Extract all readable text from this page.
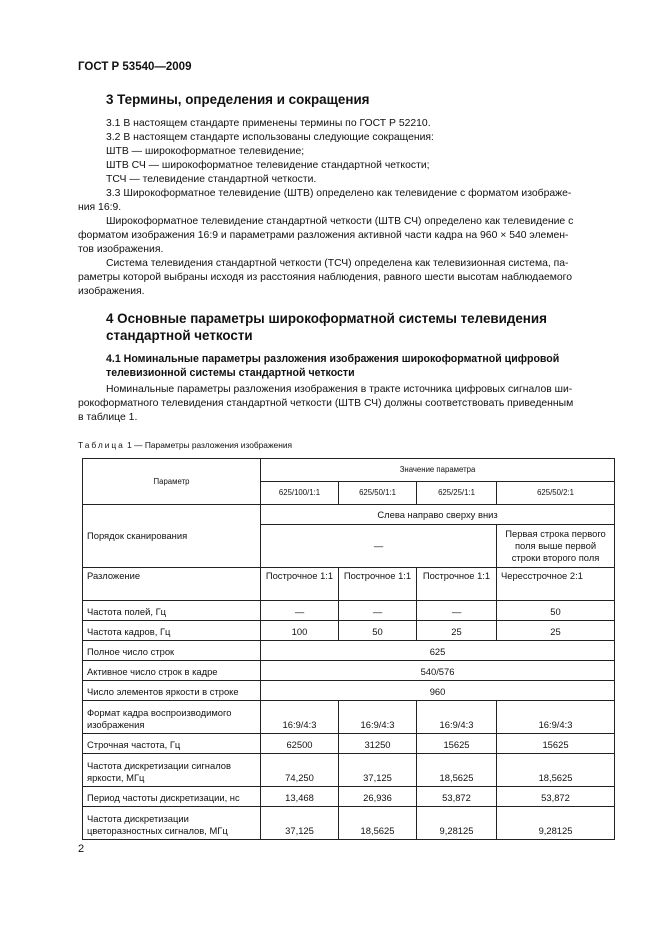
ГОСТ Р 53540—2009
3 Термины, определения и сокращения
3.1 В настоящем стандарте применены термины по ГОСТ Р 52210.
3.2 В настоящем стандарте использованы следующие сокращения:
ШТВ — широкоформатное телевидение;
ШТВ СЧ — широкоформатное телевидение стандартной четкости;
ТСЧ — телевидение стандартной четкости.
3.3 Широкоформатное телевидение (ШТВ) определено как телевидение с форматом изображе-
ния 16:9.
Широкоформатное телевидение стандартной четкости (ШТВ СЧ) определено как телевидение с
форматом изображения 16:9 и параметрами разложения активной части кадра на 960 × 540 элемен-
тов изображения.
Система телевидения стандартной четкости (ТСЧ) определена как телевизионная система, па-
раметры которой выбраны исходя из расстояния наблюдения, равного шести высотам наблюдаемого
изображения.
4 Основные параметры широкоформатной системы телевидения
стандартной четкости
4.1 Номинальные параметры разложения изображения широкоформатной цифровой
телевизионной системы стандартной четкости
Номинальные параметры разложения изображения в тракте источника цифровых сигналов ши-
рокоформатного телевидения стандартной четкости (ШТВ СЧ) должны соответствовать приведенным
в таблице 1.
Таблица 1 — Параметры разложения изображения
Параметр	Значение параметра			
	625/100/1:1	625/50/1:1	625/25/1:1	625/50/2:1
Порядок сканирования	Слева направо сверху вниз			
	—			Первая строка первого поля выше первой строки второго поля
Разложение	Построчное 1:1	Построчное 1:1	Построчное 1:1	Чересстрочное 2:1
Частота полей, Гц	—	—	—	50
Частота кадров, Гц	100	50	25	25
Полное число строк	625			
Активное число строк в кадре	540/576			
Число элементов яркости в строке	960			
Формат кадра воспроизводимого изображения	16:9/4:3	16:9/4:3	16:9/4:3	16:9/4:3
Строчная частота, Гц	62500	31250	15625	15625
Частота дискретизации сигналов яркости, МГц	74,250	37,125	18,5625	18,5625
Период частоты дискретизации, нс	13,468	26,936	53,872	53,872
Частота дискретизации цветоразностных сигналов, МГц	37,125	18,5625	9,28125	9,28125
2
